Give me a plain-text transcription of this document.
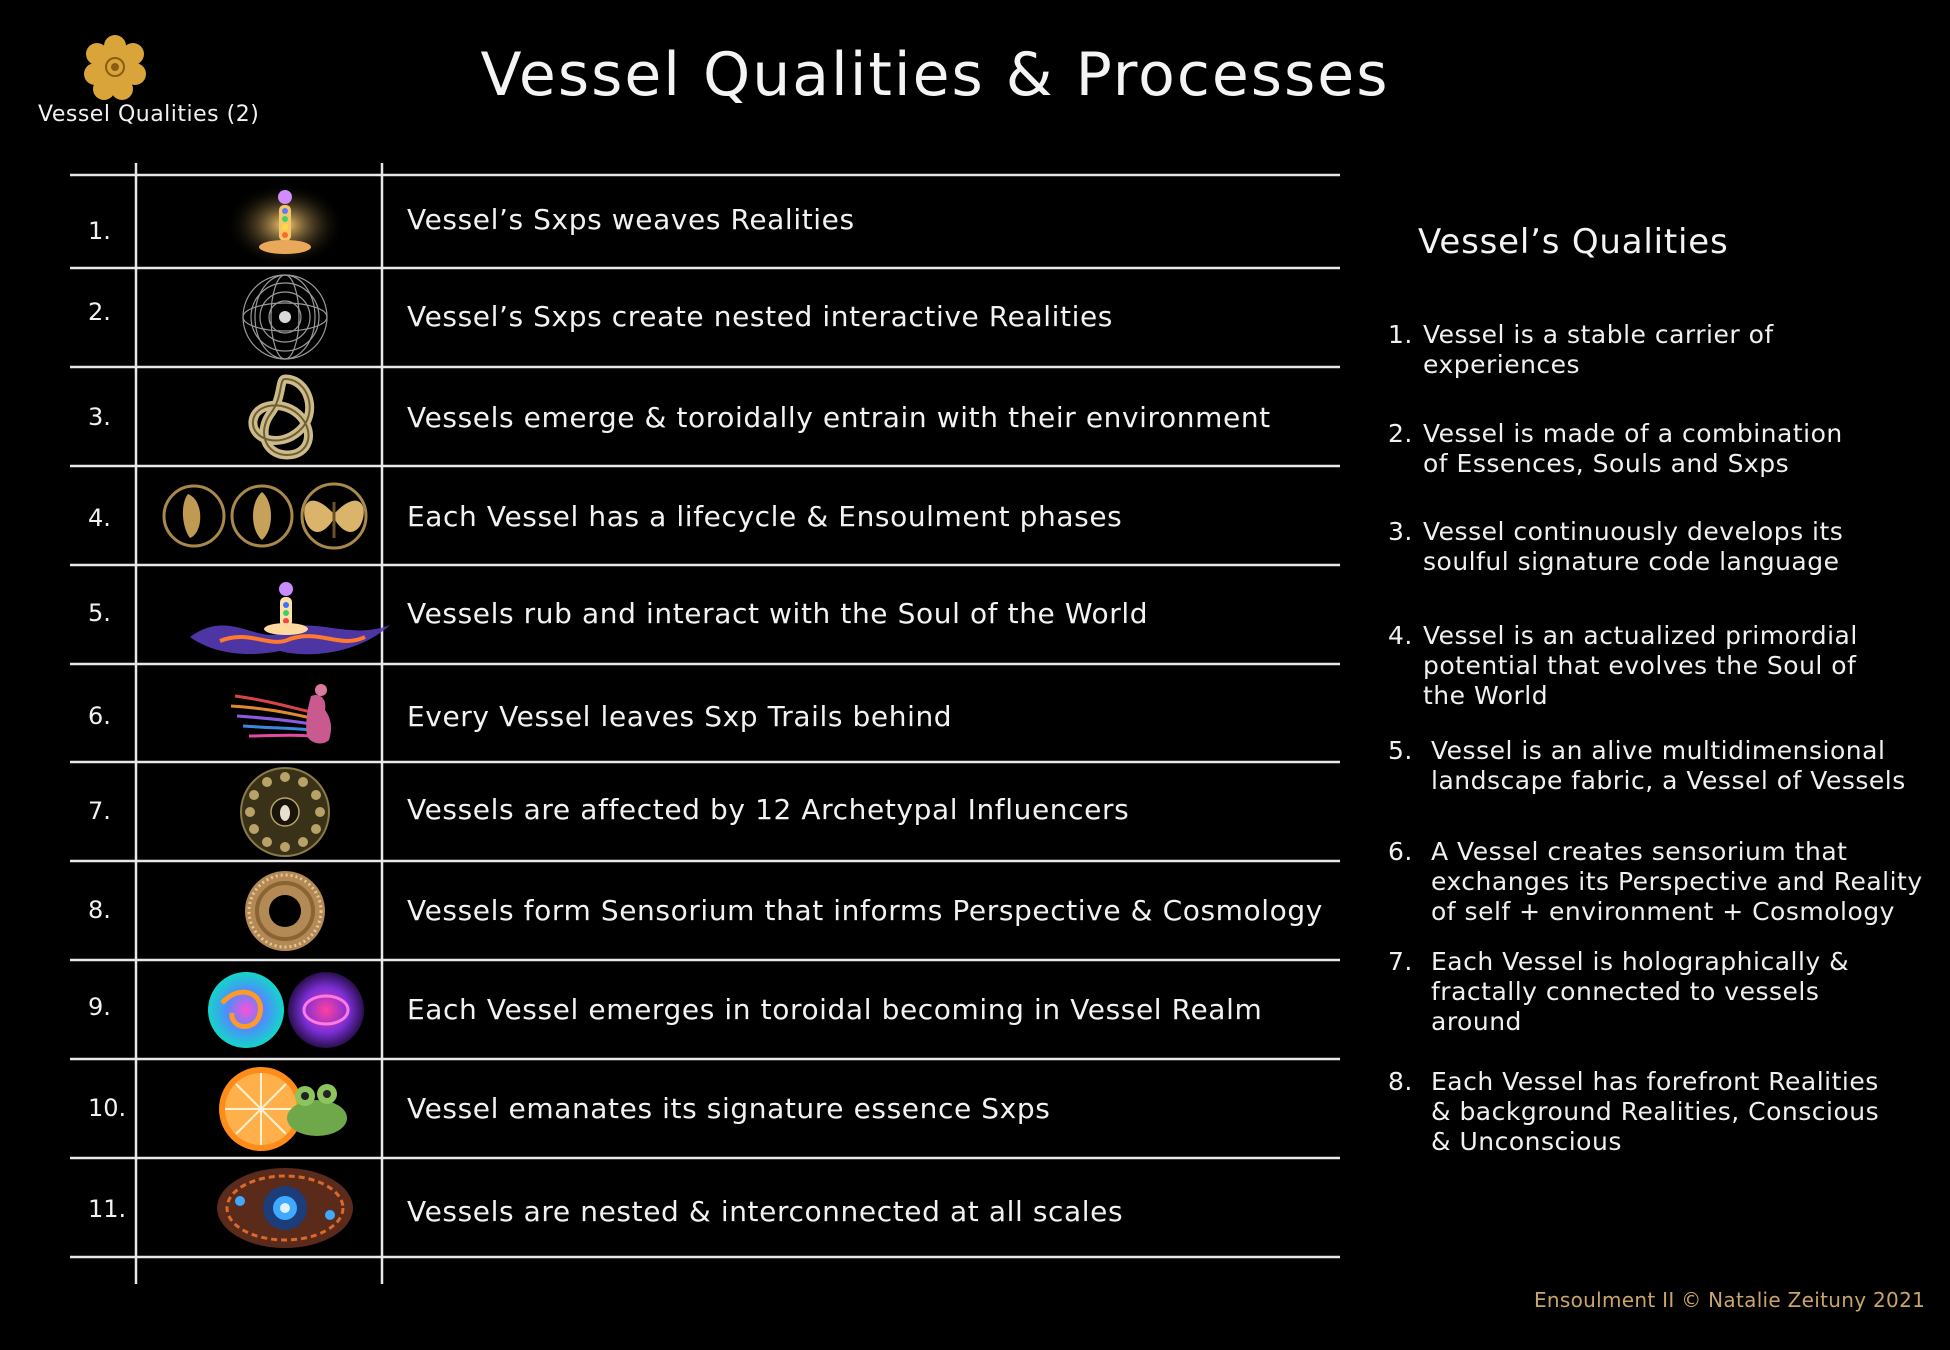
Vessel Qualities (2)
Vessel Qualities & Processes
1.	Vessel’s Sxps weaves Realities
2.	Vessel’s Sxps create nested interactive Realities
3.	Vessels emerge & toroidally entrain with their environment
4.	Each Vessel has a lifecycle & Ensoulment phases
5.	Vessels rub and interact with the Soul of the World
6.	Every Vessel leaves Sxp Trails behind
7.	Vessels are affected by 12 Archetypal Influencers
8.	Vessels form Sensorium that informs Perspective & Cosmology
9.	Each Vessel emerges in toroidal becoming in Vessel Realm
10.	Vessel emanates its signature essence Sxps
11.	Vessels are nested & interconnected at all scales
Vessel’s Qualities
1. Vessel is a stable carrier of
experiences
2. Vessel is made of a combination
of Essences, Souls and Sxps
3. Vessel continuously develops its
soulful signature code language
4. Vessel is an actualized primordial
potential that evolves the Soul of
the World
5. Vessel is an alive multidimensional
landscape fabric, a Vessel of Vessels
6. A Vessel creates sensorium that
exchanges its Perspective and Reality
of self + environment + Cosmology
7. Each Vessel is holographically &
fractally connected to vessels
around
8. Each Vessel has forefront Realities
& background Realities, Conscious
& Unconscious
Ensoulment II © Natalie Zeituny 2021
